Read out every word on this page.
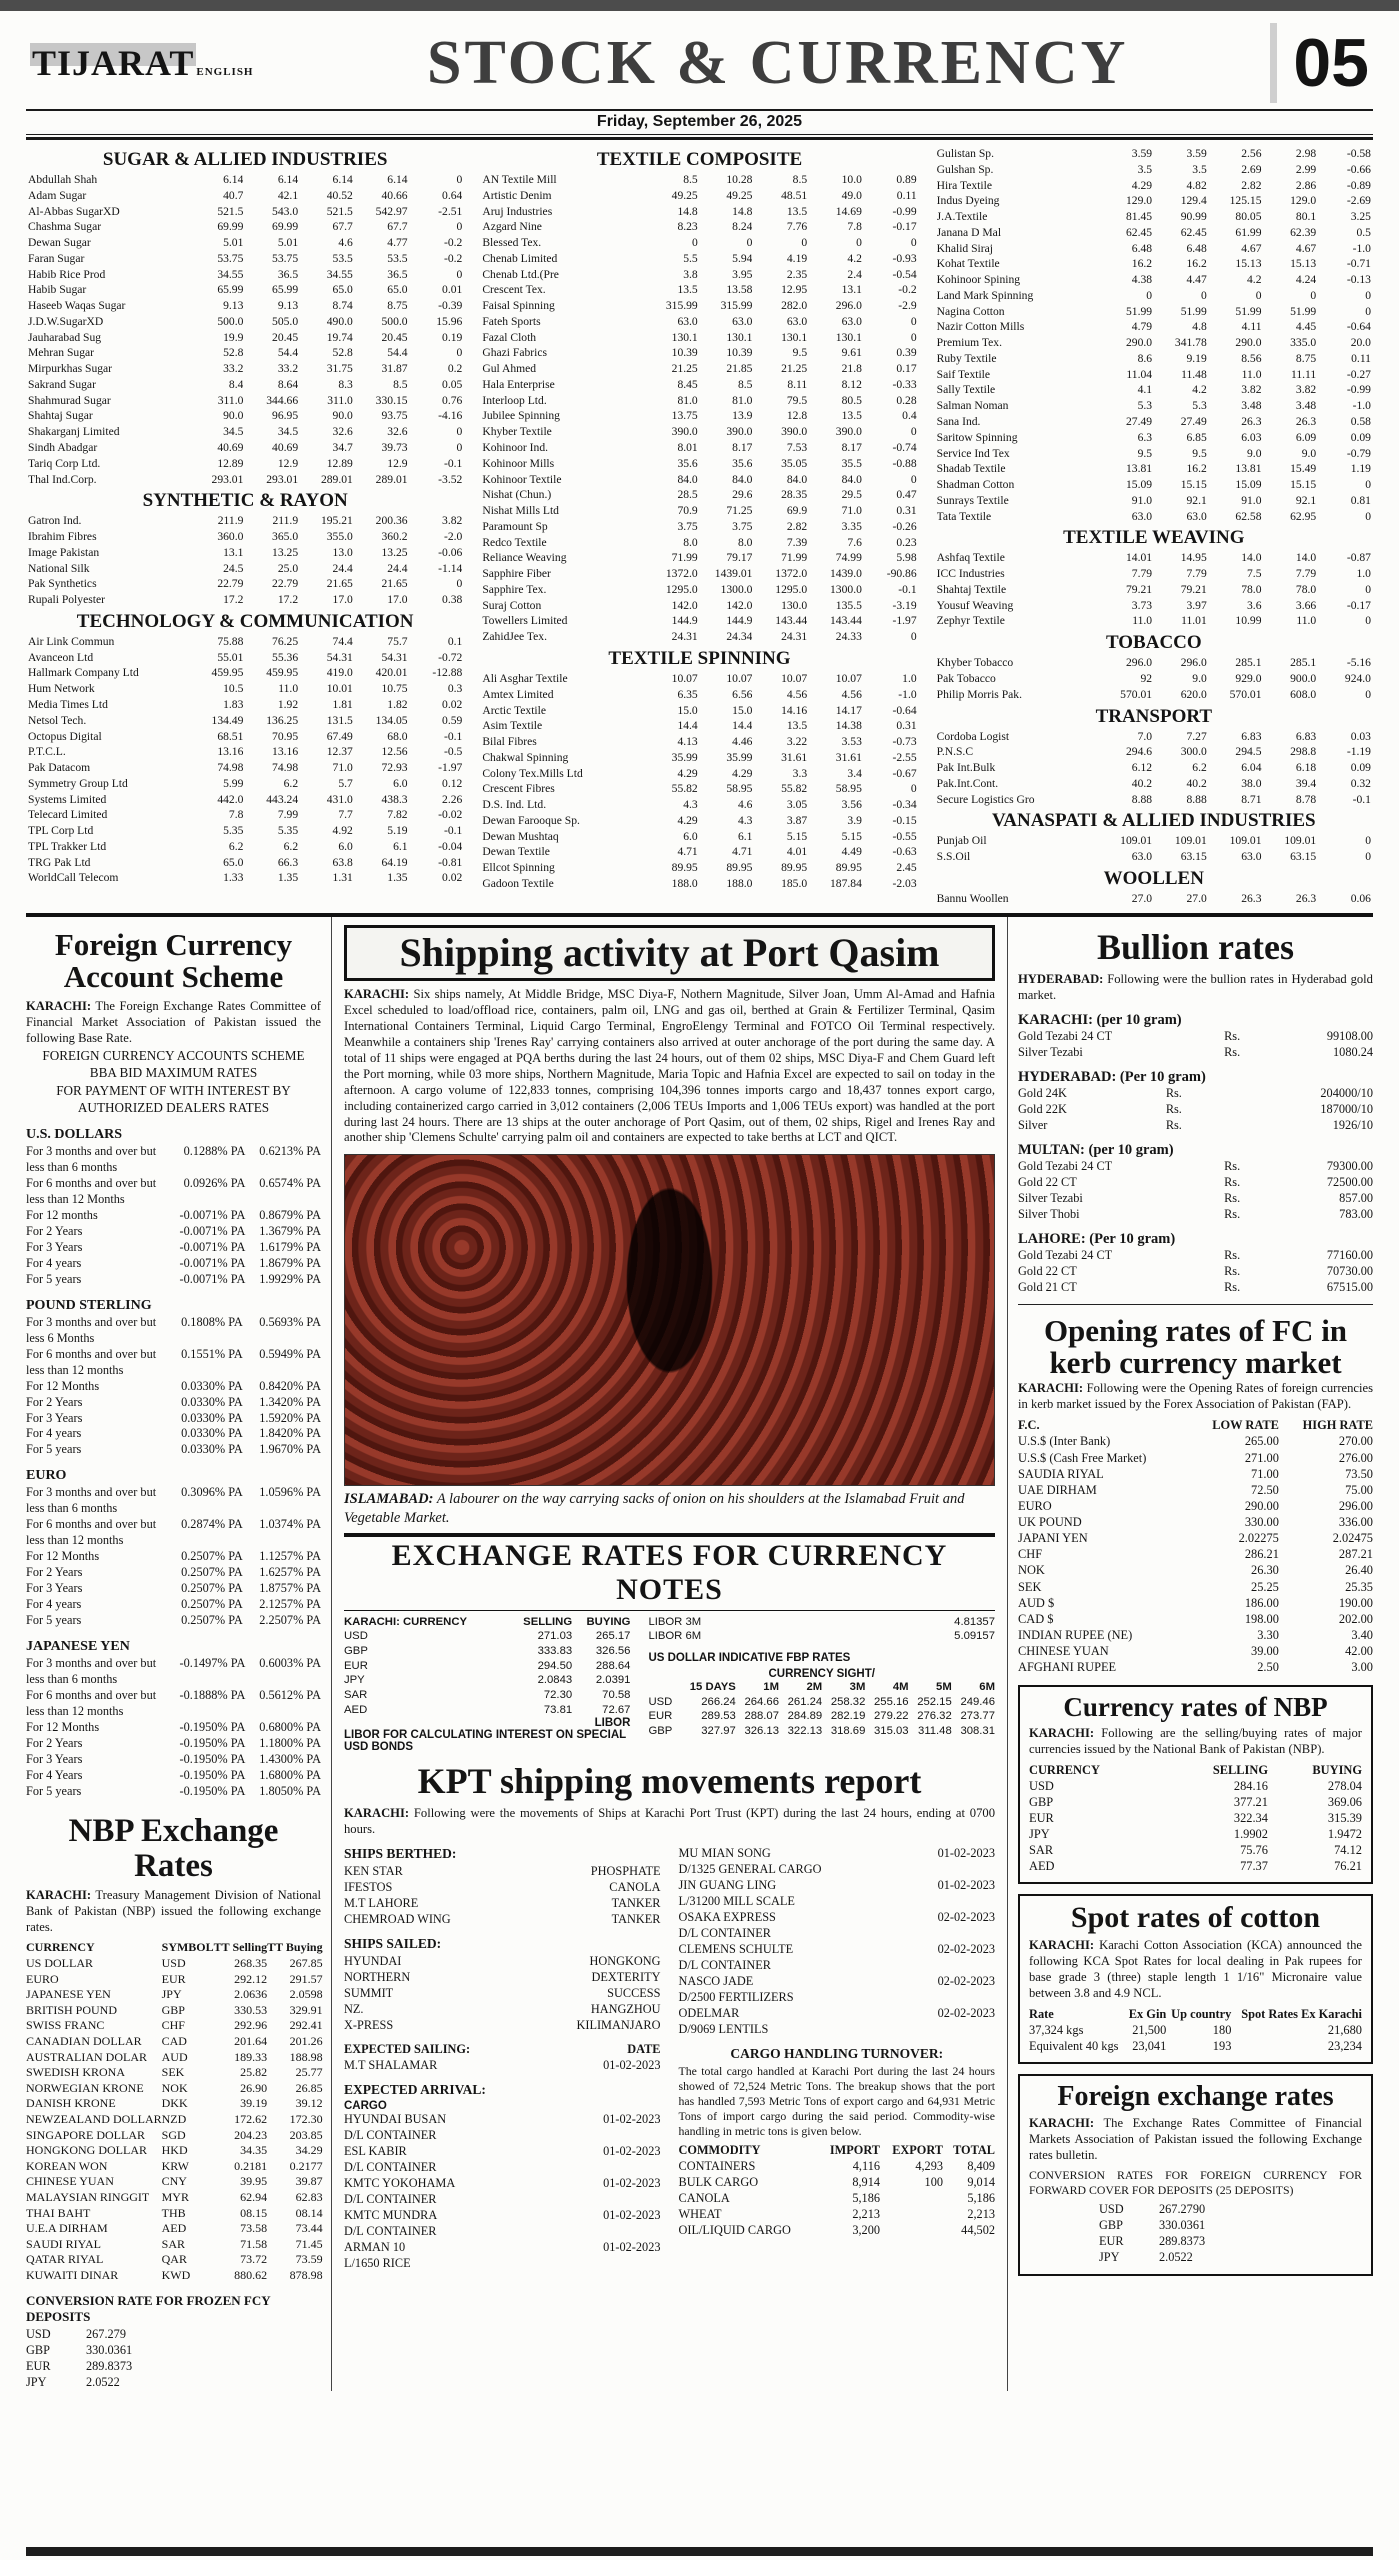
TIJARAT ENGLISH	STOCK & CURRENCY	05
Friday, September 26, 2025
SUGAR & ALLIED INDUSTRIES
Abdullah Shah	6.14	6.14	6.14	6.14	0
Adam Sugar	40.7	42.1	40.52	40.66	0.64
Al-Abbas SugarXD	521.5	543.0	521.5	542.97	-2.51
Chashma Sugar	69.99	69.99	67.7	67.7	0
Dewan Sugar	5.01	5.01	4.6	4.77	-0.2
Faran Sugar	53.75	53.75	53.5	53.5	-0.2
Habib Rice Prod	34.55	36.5	34.55	36.5	0
Habib Sugar	65.99	65.99	65.0	65.0	0.01
Haseeb Waqas Sugar	9.13	9.13	8.74	8.75	-0.39
J.D.W.SugarXD	500.0	505.0	490.0	500.0	15.96
Jauharabad Sug	19.9	20.45	19.74	20.45	0.19
Mehran Sugar	52.8	54.4	52.8	54.4	0
Mirpurkhas Sugar	33.2	33.2	31.75	31.87	0.2
Sakrand Sugar	8.4	8.64	8.3	8.5	0.05
Shahmurad Sugar	311.0	344.66	311.0	330.15	0.76
Shahtaj Sugar	90.0	96.95	90.0	93.75	-4.16
Shakarganj Limited	34.5	34.5	32.6	32.6	0
Sindh Abadgar	40.69	40.69	34.7	39.73	0
Tariq Corp Ltd.	12.89	12.9	12.89	12.9	-0.1
Thal Ind.Corp.	293.01	293.01	289.01	289.01	-3.52
SYNTHETIC & RAYON
Gatron Ind.	211.9	211.9	195.21	200.36	3.82
Ibrahim Fibres	360.0	365.0	355.0	360.2	-2.0
Image Pakistan	13.1	13.25	13.0	13.25	-0.06
National Silk	24.5	25.0	24.4	24.4	-1.14
Pak Synthetics	22.79	22.79	21.65	21.65	0
Rupali Polyester	17.2	17.2	17.0	17.0	0.38
TECHNOLOGY & COMMUNICATION
Air Link Commun	75.88	76.25	74.4	75.7	0.1
Avanceon Ltd	55.01	55.36	54.31	54.31	-0.72
Hallmark Company Ltd	459.95	459.95	419.0	420.01	-12.88
Hum Network	10.5	11.0	10.01	10.75	0.3
Media Times Ltd	1.83	1.92	1.81	1.82	0.02
Netsol Tech.	134.49	136.25	131.5	134.05	0.59
Octopus Digital	68.51	70.95	67.49	68.0	-0.1
P.T.C.L.	13.16	13.16	12.37	12.56	-0.5
Pak Datacom	74.98	74.98	71.0	72.93	-1.97
Symmetry Group Ltd	5.99	6.2	5.7	6.0	0.12
Systems Limited	442.0	443.24	431.0	438.3	2.26
Telecard Limited	7.8	7.99	7.7	7.82	-0.02
TPL Corp Ltd	5.35	5.35	4.92	5.19	-0.1
TPL Trakker Ltd	6.2	6.2	6.0	6.1	-0.04
TRG Pak Ltd	65.0	66.3	63.8	64.19	-0.81
WorldCall Telecom	1.33	1.35	1.31	1.35	0.02
TEXTILE COMPOSITE
AN Textile Mill	8.5	10.28	8.5	10.0	0.89
Artistic Denim	49.25	49.25	48.51	49.0	0.11
Aruj Industries	14.8	14.8	13.5	14.69	-0.99
Azgard Nine	8.23	8.24	7.76	7.8	-0.17
Blessed Tex.	0	0	0	0	0
Chenab Limited	5.5	5.94	4.19	4.2	-0.93
Chenab Ltd.(Pre	3.8	3.95	2.35	2.4	-0.54
Crescent Tex.	13.5	13.58	12.95	13.1	-0.2
Faisal Spinning	315.99	315.99	282.0	296.0	-2.9
Fateh Sports	63.0	63.0	63.0	63.0	0
Fazal Cloth	130.1	130.1	130.1	130.1	0
Ghazi Fabrics	10.39	10.39	9.5	9.61	0.39
Gul Ahmed	21.25	21.85	21.25	21.8	0.17
Hala Enterprise	8.45	8.5	8.11	8.12	-0.33
Interloop Ltd.	81.0	81.0	79.5	80.5	0.28
Jubilee Spinning	13.75	13.9	12.8	13.5	0.4
Khyber Textile	390.0	390.0	390.0	390.0	0
Kohinoor Ind.	8.01	8.17	7.53	8.17	-0.74
Kohinoor Mills	35.6	35.6	35.05	35.5	-0.88
Kohinoor Textile	84.0	84.0	84.0	84.0	0
Nishat (Chun.)	28.5	29.6	28.35	29.5	0.47
Nishat Mills Ltd	70.9	71.25	69.9	71.0	0.31
Paramount Sp	3.75	3.75	2.82	3.35	-0.26
Redco Textile	8.0	8.0	7.39	7.6	0.23
Reliance Weaving	71.99	79.17	71.99	74.99	5.98
Sapphire Fiber	1372.0	1439.01	1372.0	1439.0	-90.86
Sapphire Tex.	1295.0	1300.0	1295.0	1300.0	-0.1
Suraj Cotton	142.0	142.0	130.0	135.5	-3.19
Towellers Limited	144.9	144.9	143.44	143.44	-1.97
ZahidJee Tex.	24.31	24.34	24.31	24.33	0
TEXTILE SPINNING
Ali Asghar Textile	10.07	10.07	10.07	10.07	1.0
Amtex Limited	6.35	6.56	4.56	4.56	-1.0
Arctic Textile	15.0	15.0	14.16	14.17	-0.64
Asim Textile	14.4	14.4	13.5	14.38	0.31
Bilal Fibres	4.13	4.46	3.22	3.53	-0.73
Chakwal Spinning	35.99	35.99	31.61	31.61	-2.55
Colony Tex.Mills Ltd	4.29	4.29	3.3	3.4	-0.67
Crescent Fibres	55.82	58.95	55.82	58.95	0
D.S. Ind. Ltd.	4.3	4.6	3.05	3.56	-0.34
Dewan Farooque Sp.	4.29	4.3	3.87	3.9	-0.15
Dewan Mushtaq	6.0	6.1	5.15	5.15	-0.55
Dewan Textile	4.71	4.71	4.01	4.49	-0.63
Ellcot Spinning	89.95	89.95	89.95	89.95	2.45
Gadoon Textile	188.0	188.0	185.0	187.84	-2.03
Gulistan Sp.	3.59	3.59	2.56	2.98	-0.58
Gulshan Sp.	3.5	3.5	2.69	2.99	-0.66
Hira Textile	4.29	4.82	2.82	2.86	-0.89
Indus Dyeing	129.0	129.4	125.15	129.0	-2.69
J.A.Textile	81.45	90.99	80.05	80.1	3.25
Janana D Mal	62.45	62.45	61.99	62.39	0.5
Khalid Siraj	6.48	6.48	4.67	4.67	-1.0
Kohat Textile	16.2	16.2	15.13	15.13	-0.71
Kohinoor Spining	4.38	4.47	4.2	4.24	-0.13
Land Mark Spinning	0	0	0	0	0
Nagina Cotton	51.99	51.99	51.99	51.99	0
Nazir Cotton Mills	4.79	4.8	4.11	4.45	-0.64
Premium Tex.	290.0	341.78	290.0	335.0	20.0
Ruby Textile	8.6	9.19	8.56	8.75	0.11
Saif Textile	11.04	11.48	11.0	11.11	-0.27
Sally Textile	4.1	4.2	3.82	3.82	-0.99
Salman Noman	5.3	5.3	3.48	3.48	-1.0
Sana Ind.	27.49	27.49	26.3	26.3	0.58
Saritow Spinning	6.3	6.85	6.03	6.09	0.09
Service Ind Tex	9.5	9.5	9.0	9.0	-0.79
Shadab Textile	13.81	16.2	13.81	15.49	1.19
Shadman Cotton	15.09	15.15	15.09	15.15	0
Sunrays Textile	91.0	92.1	91.0	92.1	0.81
Tata Textile	63.0	63.0	62.58	62.95	0
TEXTILE WEAVING
Ashfaq Textile	14.01	14.95	14.0	14.0	-0.87
ICC Industries	7.79	7.79	7.5	7.79	1.0
Shahtaj Textile	79.21	79.21	78.0	78.0	0
Yousuf Weaving	3.73	3.97	3.6	3.66	-0.17
Zephyr Textile	11.0	11.01	10.99	11.0	0
TOBACCO
Khyber Tobacco	296.0	296.0	285.1	285.1	-5.16
Pak Tobacco	92	9.0	929.0	900.0	924.0
Philip Morris Pak.	570.01	620.0	570.01	608.0	0
TRANSPORT
Cordoba Logist	7.0	7.27	6.83	6.83	0.03
P.N.S.C	294.6	300.0	294.5	298.8	-1.19
Pak Int.Bulk	6.12	6.2	6.04	6.18	0.09
Pak.Int.Cont.	40.2	40.2	38.0	39.4	0.32
Secure Logistics Gro	8.88	8.88	8.71	8.78	-0.1
VANASPATI & ALLIED INDUSTRIES
Punjab Oil	109.01	109.01	109.01	109.01	0
S.S.Oil	63.0	63.15	63.0	63.15	0
WOOLLEN
Bannu Woollen	27.0	27.0	26.3	26.3	0.06
Foreign Currency Account Scheme
KARACHI: The Foreign Exchange Rates Committee of Financial Market Association of Pakistan issued the following Base Rate.
FOREIGN CURRENCY ACCOUNTS SCHEME
BBA BID MAXIMUM RATES
FOR PAYMENT OF WITH INTEREST BY
AUTHORIZED DEALERS RATES
U.S. DOLLARS
For 3 months and over but less than 6 months	0.1288% PA	0.6213% PA
For 6 months and over but less than 12 Months	0.0926% PA	0.6574% PA
For 12 months	-0.0071% PA	0.8679% PA
For 2 Years	-0.0071% PA	1.3679% PA
For 3 Years	-0.0071% PA	1.6179% PA
For 4 years	-0.0071% PA	1.8679% PA
For 5 years	-0.0071% PA	1.9929% PA
POUND STERLING
For 3 months and over but less 6 Months	0.1808% PA	0.5693% PA
For 6 months and over but less than 12 months	0.1551% PA	0.5949% PA
For 12 Months	0.0330% PA	0.8420% PA
For 2 Years	0.0330% PA	1.3420% PA
For 3 Years	0.0330% PA	1.5920% PA
For 4 years	0.0330% PA	1.8420% PA
For 5 years	0.0330% PA	1.9670% PA
EURO
For 3 months and over but less than 6 months	0.3096% PA	1.0596% PA
For 6 months and over but less than 12 months	0.2874% PA	1.0374% PA
For 12 Months	0.2507% PA	1.1257% PA
For 2 Years	0.2507% PA	1.6257% PA
For 3 Years	0.2507% PA	1.8757% PA
For 4 years	0.2507% PA	2.1257% PA
For 5 years	0.2507% PA	2.2507% PA
JAPANESE YEN
For 3 months and over but less than 6 months	-0.1497% PA	0.6003% PA
For 6 months and over but less than 12 months	-0.1888% PA	0.5612% PA
For 12 Months	-0.1950% PA	0.6800% PA
For 2 Years	-0.1950% PA	1.1800% PA
For 3 Years	-0.1950% PA	1.4300% PA
For 4 Years	-0.1950% PA	1.6800% PA
For 5 years	-0.1950% PA	1.8050% PA
NBP Exchange Rates
KARACHI: Treasury Management Division of National Bank of Pakistan (NBP) issued the following exchange rates.
CURRENCY	SYMBOL	TT Selling	TT Buying
US DOLLAR	USD	268.35	267.85
EURO	EUR	292.12	291.57
JAPANESE YEN	JPY	2.0636	2.0598
BRITISH POUND	GBP	330.53	329.91
SWISS FRANC	CHF	292.96	292.41
CANADIAN DOLLAR	CAD	201.64	201.26
AUSTRALIAN DOLAR	AUD	189.33	188.98
SWEDISH KRONA	SEK	25.82	25.77
NORWEGIAN KRONE	NOK	26.90	26.85
DANISH KRONE	DKK	39.19	39.12
NEWZEALAND DOLLAR	NZD	172.62	172.30
SINGAPORE DOLLAR	SGD	204.23	203.85
HONGKONG DOLLAR	HKD	34.35	34.29
KOREAN WON	KRW	0.2181	0.2177
CHINESE YUAN	CNY	39.95	39.87
MALAYSIAN RINGGIT	MYR	62.94	62.83
THAI BAHT	THB	08.15	08.14
U.E.A DIRHAM	AED	73.58	73.44
SAUDI RIYAL	SAR	71.58	71.45
QATAR RIYAL	QAR	73.72	73.59
KUWAITI DINAR	KWD	880.62	878.98
CONVERSION RATE FOR FROZEN FCY DEPOSITS
USD	267.279
GBP	330.0361
EUR	289.8373
JPY	2.0522
Shipping activity at Port Qasim
KARACHI: Six ships namely, At Middle Bridge, MSC Diya-F, Nothern Magnitude, Silver Joan, Umm Al-Amad and Hafnia Excel scheduled to load/offload rice, containers, palm oil, LNG and gas oil, berthed at Grain & Fertilizer Terminal, Qasim International Containers Terminal, Liquid Cargo Terminal, EngroElengy Terminal and FOTCO Oil Terminal respectively. Meanwhile a containers ship 'Irenes Ray' carrying containers also arrived at outer anchorage of the port during the same day. A total of 11 ships were engaged at PQA berths during the last 24 hours, out of them 02 ships, MSC Diya-F and Chem Guard left the Port morning, while 03 more ships, Northern Magnitude, Maria Topic and Hafnia Excel are expected to sail on today in the afternoon. A cargo volume of 122,833 tonnes, comprising 104,396 tonnes imports cargo and 18,437 tonnes export cargo, including containerized cargo carried in 3,012 containers (2,006 TEUs Imports and 1,006 TEUs export) was handled at the port during last 24 hours. There are 13 ships at the outer anchorage of Port Qasim, out of them, 02 ships, Rigel and Irenes Ray and another ship 'Clemens Schulte' carrying palm oil and containers are expected to take berths at LCT and QICT.
ISLAMABAD: A labourer on the way carrying sacks of onion on his shoulders at the Islamabad Fruit and Vegetable Market.
EXCHANGE RATES FOR CURRENCY NOTES
KARACHI: CURRENCY	SELLING	BUYING
USD	271.03	265.17
GBP	333.83	326.56
EUR	294.50	288.64
JPY	2.0843	2.0391
SAR	72.30	70.58
AED	73.81	72.67
LIBOR
LIBOR FOR CALCULATING INTEREST ON SPECIAL USD BONDS
LIBOR 3M	4.81357
LIBOR 6M	5.09157
US DOLLAR INDICATIVE FBP RATES
CURRENCY SIGHT/
	15 DAYS	1M	2M	3M	4M	5M	6M
USD	266.24	264.66	261.24	258.32	255.16	252.15	249.46
EUR	289.53	288.07	284.89	282.19	279.22	276.32	273.77
GBP	327.97	326.13	322.13	318.69	315.03	311.48	308.31
KPT shipping movements report
KARACHI: Following were the movements of Ships at Karachi Port Trust (KPT) during the last 24 hours, ending at 0700 hours.
SHIPS BERTHED:
KEN STAR	PHOSPHATE
IFESTOS	CANOLA
M.T LAHORE	TANKER
CHEMROAD WING	TANKER
SHIPS SAILED:
HYUNDAI	HONGKONG
NORTHERN	DEXTERITY
SUMMIT	SUCCESS
NZ.	HANGZHOU
X-PRESS	KILIMANJARO
EXPECTED SAILING:	DATE
M.T SHALAMAR	01-02-2023
EXPECTED ARRIVAL:
CARGO
HYUNDAI BUSAN	01-02-2023
D/L CONTAINER	
ESL KABIR	01-02-2023
D/L CONTAINER	
KMTC YOKOHAMA	01-02-2023
D/L CONTAINER	
KMTC MUNDRA	01-02-2023
D/L CONTAINER	
ARMAN 10	01-02-2023
L/1650 RICE	
MU MIAN SONG	01-02-2023
D/1325 GENERAL CARGO	
JIN GUANG LING	01-02-2023
L/31200 MILL SCALE	
OSAKA EXPRESS	02-02-2023
D/L CONTAINER	
CLEMENS SCHULTE	02-02-2023
D/L CONTAINER	
NASCO JADE	02-02-2023
D/2500 FERTILIZERS	
ODELMAR	02-02-2023
D/9069 LENTILS	
CARGO HANDLING TURNOVER:
The total cargo handled at Karachi Port during the last 24 hours showed of 72,524 Metric Tons. The breakup shows that the port has handled 7,593 Metric Tons of export cargo and 64,931 Metric Tons of import cargo during the said period. Commodity-wise handling in metric tons is given below.
COMMODITY	IMPORT	EXPORT	TOTAL
CONTAINERS	4,116	4,293	8,409
BULK CARGO	8,914	100	9,014
CANOLA	5,186		5,186
WHEAT	2,213		2,213
OIL/LIQUID CARGO	3,200		44,502
Bullion rates
HYDERABAD: Following were the bullion rates in Hyderabad gold market.
KARACHI: (per 10 gram)
Gold Tezabi 24 CT	Rs.	99108.00
Silver Tezabi	Rs.	1080.24
HYDERABAD: (Per 10 gram)
Gold 24K	Rs.	204000/10
Gold 22K	Rs.	187000/10
Silver	Rs.	1926/10
MULTAN: (per 10 gram)
Gold Tezabi 24 CT	Rs.	79300.00
Gold 22 CT	Rs.	72500.00
Silver Tezabi	Rs.	857.00
Silver Thobi	Rs.	783.00
LAHORE: (Per 10 gram)
Gold Tezabi 24 CT	Rs.	77160.00
Gold 22 CT	Rs.	70730.00
Gold 21 CT	Rs.	67515.00
Opening rates of FC in
kerb currency market
KARACHI: Following were the Opening Rates of foreign currencies in kerb market issued by the Forex Association of Pakistan (FAP).
F.C.	LOW RATE	HIGH RATE
U.S.$ (Inter Bank)	265.00	270.00
U.S.$ (Cash Free Market)	271.00	276.00
SAUDIA RIYAL	71.00	73.50
UAE DIRHAM	72.50	75.00
EURO	290.00	296.00
UK POUND	330.00	336.00
JAPANI YEN	2.02275	2.02475
CHF	286.21	287.21
NOK	26.30	26.40
SEK	25.25	25.35
AUD $	186.00	190.00
CAD $	198.00	202.00
INDIAN RUPEE (NE)	3.30	3.40
CHINESE YUAN	39.00	42.00
AFGHANI RUPEE	2.50	3.00
Currency rates of NBP
KARACHI: Following are the selling/buying rates of major currencies issued by the National Bank of Pakistan (NBP).
CURRENCY	SELLING	BUYING
USD	284.16	278.04
GBP	377.21	369.06
EUR	322.34	315.39
JPY	1.9902	1.9472
SAR	75.76	74.12
AED	77.37	76.21
Spot rates of cotton
KARACHI: Karachi Cotton Association (KCA) announced the following KCA Spot Rates for local dealing in Pak rupees for base grade 3 (three) staple length 1 1/16" Micronaire value between 3.8 and 4.9 NCL.
Rate	Ex Gin	Up country	Spot Rates Ex Karachi
37,324 kgs	21,500	180	21,680
Equivalent 40 kgs	23,041	193	23,234
Foreign exchange rates
KARACHI: The Exchange Rates Committee of Financial Markets Association of Pakistan issued the following Exchange rates bulletin.
CONVERSION RATES FOR FOREIGN CURRENCY FOR FORWARD COVER FOR DEPOSITS (25 DEPOSITS)
USD	267.2790
GBP	330.0361
EUR	289.8373
JPY	2.0522
